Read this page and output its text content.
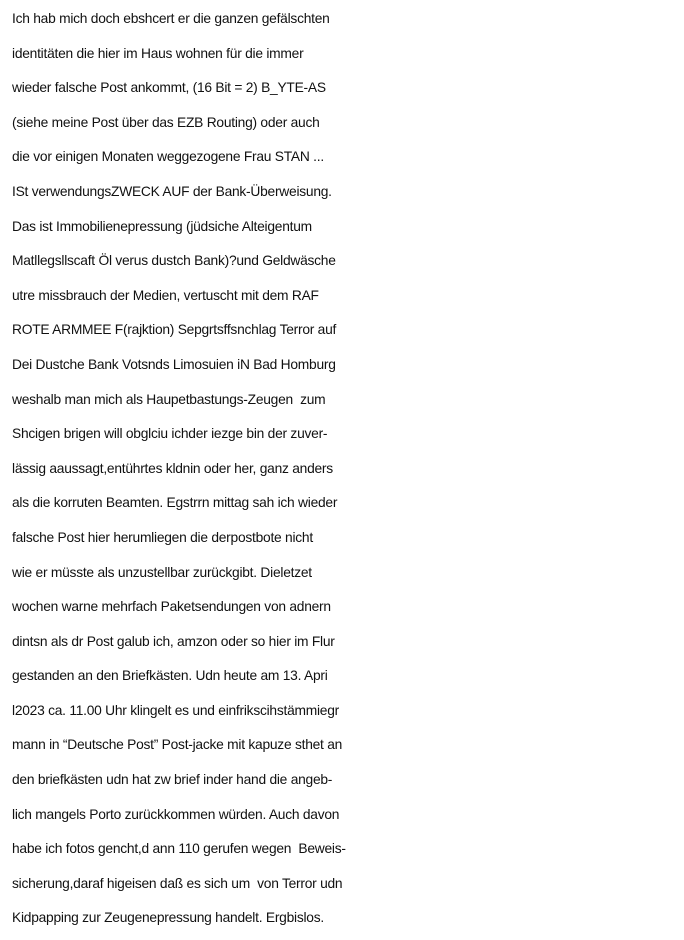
Ich hab mich doch ebshcert er die ganzen gefälschten
identitäten die hier im Haus wohnen für die immer
wieder falsche Post ankommt, (16 Bit = 2) B_YTE-AS
(siehe meine Post über das EZB Routing) oder auch
die vor einigen Monaten weggezogene Frau STAN ...
ISt verwendungsZWECK AUF der Bank-Überweisung.
Das ist Immobilienepressung (jüdsiche Alteigentum
Matllegsllscaft Öl verus dustch Bank)?und Geldwäsche
utre missbrauch der Medien, vertuscht mit dem RAF
ROTE ARMMEE F(rajktion) Sepgrtsffsnchlag Terror auf
Dei Dustche Bank Votsnds Limosuien iN Bad Homburg
weshalb man mich als Haupetbastungs-Zeugen  zum
Shcigen brigen will obglciu ichder iezge bin der zuver-
lässig aaussagt,entührtes kldnin oder her, ganz anders
als die korruten Beamten. Egstrrn mittag sah ich wieder
falsche Post hier herumliegen die derpostbote nicht
wie er müsste als unzustellbar zurückgibt. Dieletzet
wochen warne mehrfach Paketsendungen von adnern
dintsn als dr Post galub ich, amzon oder so hier im Flur
gestanden an den Briefkästen. Udn heute am 13. Apri
l2023 ca. 11.00 Uhr klingelt es und einfrikscihstämmiegr
mann in “Deutsche Post” Post-jacke mit kapuze sthet an
den briefkästen udn hat zw brief inder hand die angeb-
lich mangels Porto zurückkommen würden. Auch davon
habe ich fotos gencht,d ann 110 gerufen wegen  Beweis-
sicherung,daraf higeisen daß es sich um  von Terror udn
Kidpapping zur Zeugenepressung handelt. Ergbislos.
